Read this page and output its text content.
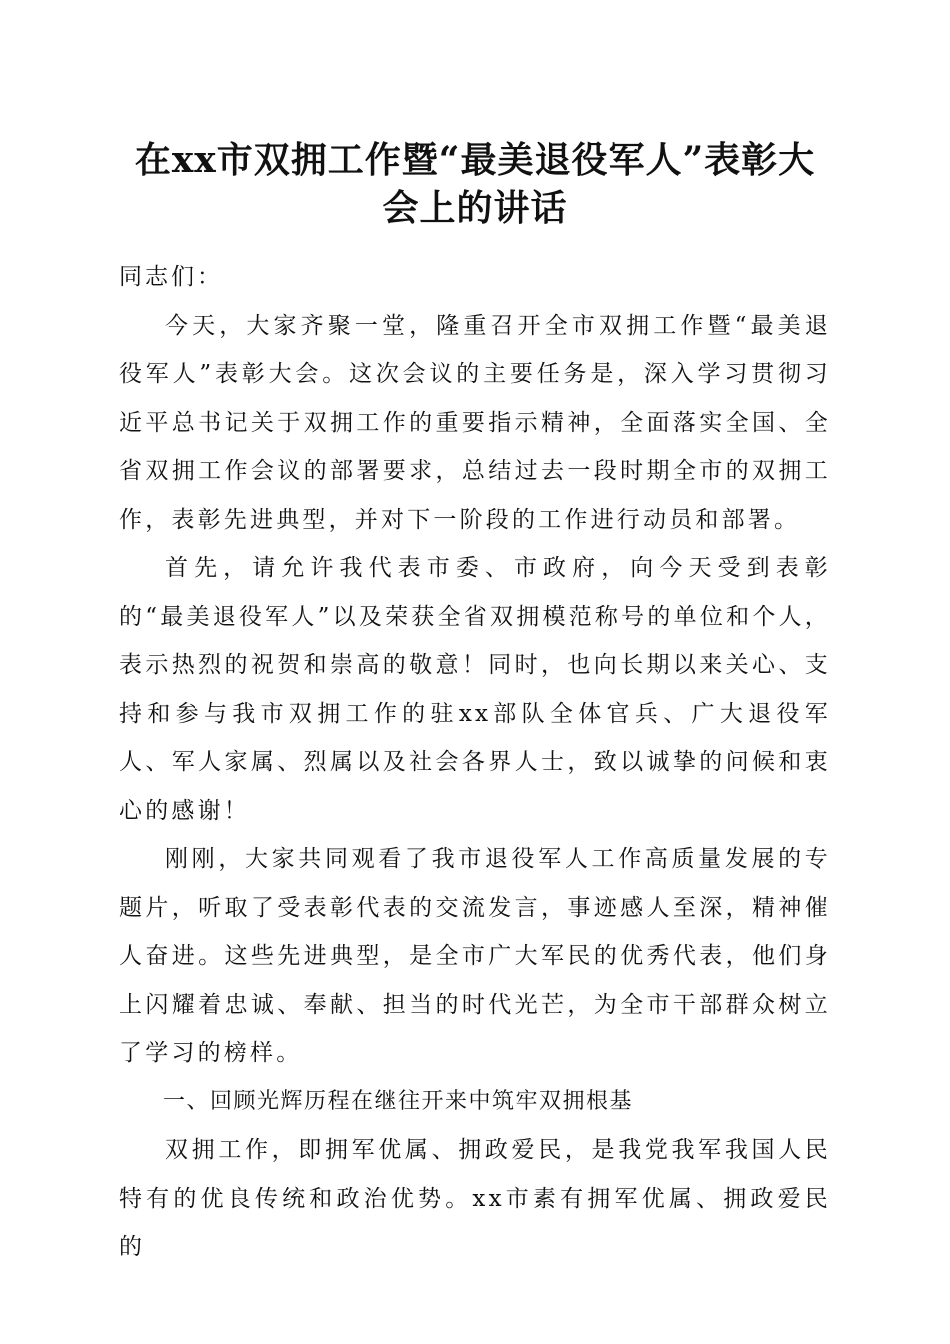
在xx市双拥工作暨“最美退役军人”表彰大
会上的讲话

同志们：

今天，大家齐聚一堂，隆重召开全市双拥工作暨“最美退役军人”表彰大会。这次会议的主要任务是，深入学习贯彻习近平总书记关于双拥工作的重要指示精神，全面落实全国、全省双拥工作会议的部署要求，总结过去一段时期全市的双拥工作，表彰先进典型，并对下一阶段的工作进行动员和部署。

首先，请允许我代表市委、市政府，向今天受到表彰的“最美退役军人”以及荣获全省双拥模范称号的单位和个人，表示热烈的祝贺和崇高的敬意！同时，也向长期以来关心、支持和参与我市双拥工作的驻xx部队全体官兵、广大退役军人、军人家属、烈属以及社会各界人士，致以诚挚的问候和衷心的感谢！

刚刚，大家共同观看了我市退役军人工作高质量发展的专题片，听取了受表彰代表的交流发言，事迹感人至深，精神催人奋进。这些先进典型，是全市广大军民的优秀代表，他们身上闪耀着忠诚、奉献、担当的时代光芒，为全市干部群众树立了学习的榜样。

一、回顾光辉历程在继往开来中筑牢双拥根基

双拥工作，即拥军优属、拥政爱民，是我党我军我国人民特有的优良传统和政治优势。xx市素有拥军优属、拥政爱民的
